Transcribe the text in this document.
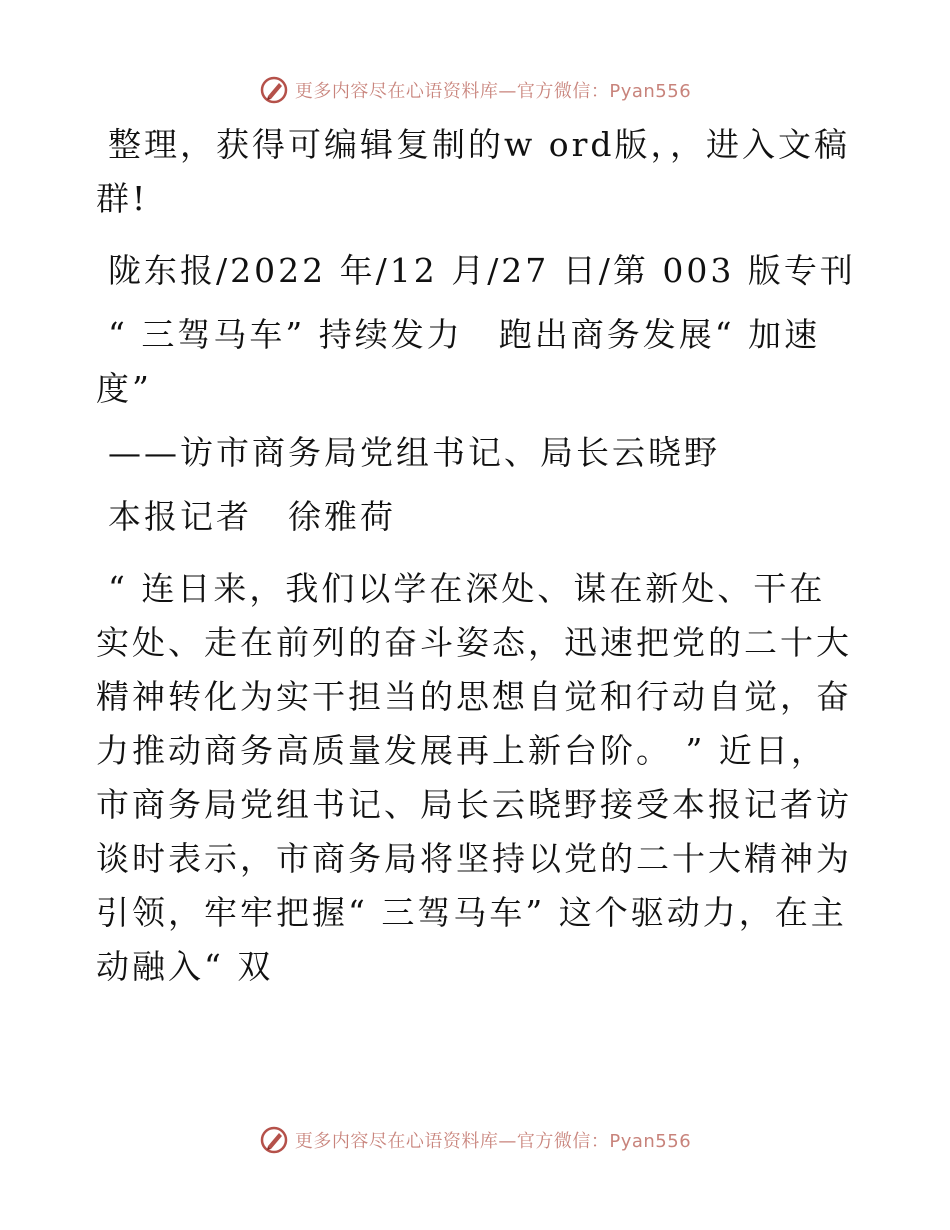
更多内容尽在心语资料库—官方微信：Pyan556

整理，获得可编辑复制的w ord版，，进入文稿群!

陇东报/2022 年/12 月/27 日/第 003 版专刊

“ 三驾马车” 持续发力　跑出商务发展“ 加速度”

——访市商务局党组书记、局长云晓野

本报记者　徐雅荷

“ 连日来，我们以学在深处、谋在新处、干在实处、走在前列的奋斗姿态，迅速把党的二十大精神转化为实干担当的思想自觉和行动自觉，奋力推动商务高质量发展再上新台阶。 ” 近日，市商务局党组书记、局长云晓野接受本报记者访谈时表示，市商务局将坚持以党的二十大精神为引领，牢牢把握“ 三驾马车” 这个驱动力，在主动融入“ 双

更多内容尽在心语资料库—官方微信：Pyan556
